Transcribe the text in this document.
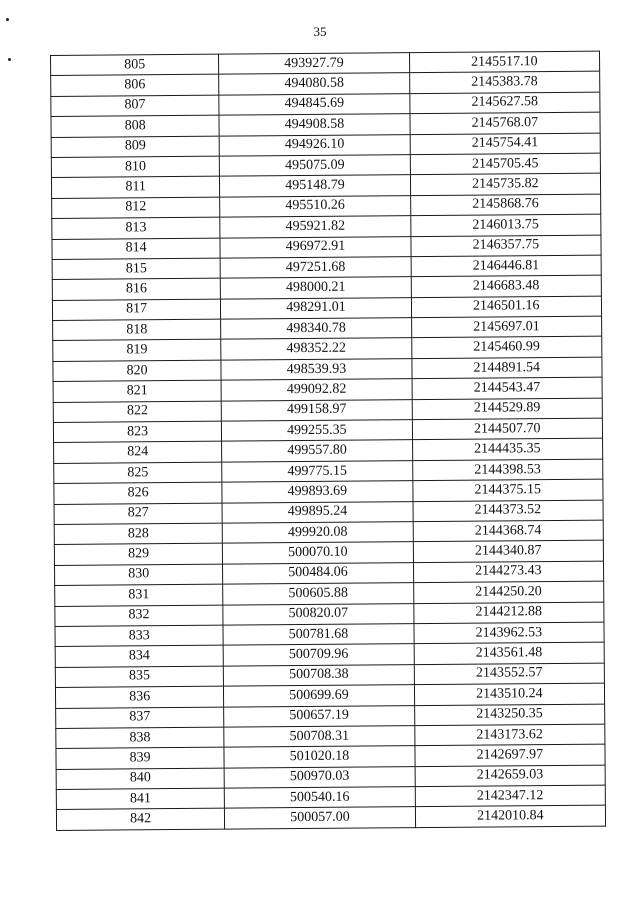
35
805	493927.79	2145517.10
806	494080.58	2145383.78
807	494845.69	2145627.58
808	494908.58	2145768.07
809	494926.10	2145754.41
810	495075.09	2145705.45
811	495148.79	2145735.82
812	495510.26	2145868.76
813	495921.82	2146013.75
814	496972.91	2146357.75
815	497251.68	2146446.81
816	498000.21	2146683.48
817	498291.01	2146501.16
818	498340.78	2145697.01
819	498352.22	2145460.99
820	498539.93	2144891.54
821	499092.82	2144543.47
822	499158.97	2144529.89
823	499255.35	2144507.70
824	499557.80	2144435.35
825	499775.15	2144398.53
826	499893.69	2144375.15
827	499895.24	2144373.52
828	499920.08	2144368.74
829	500070.10	2144340.87
830	500484.06	2144273.43
831	500605.88	2144250.20
832	500820.07	2144212.88
833	500781.68	2143962.53
834	500709.96	2143561.48
835	500708.38	2143552.57
836	500699.69	2143510.24
837	500657.19	2143250.35
838	500708.31	2143173.62
839	501020.18	2142697.97
840	500970.03	2142659.03
841	500540.16	2142347.12
842	500057.00	2142010.84
